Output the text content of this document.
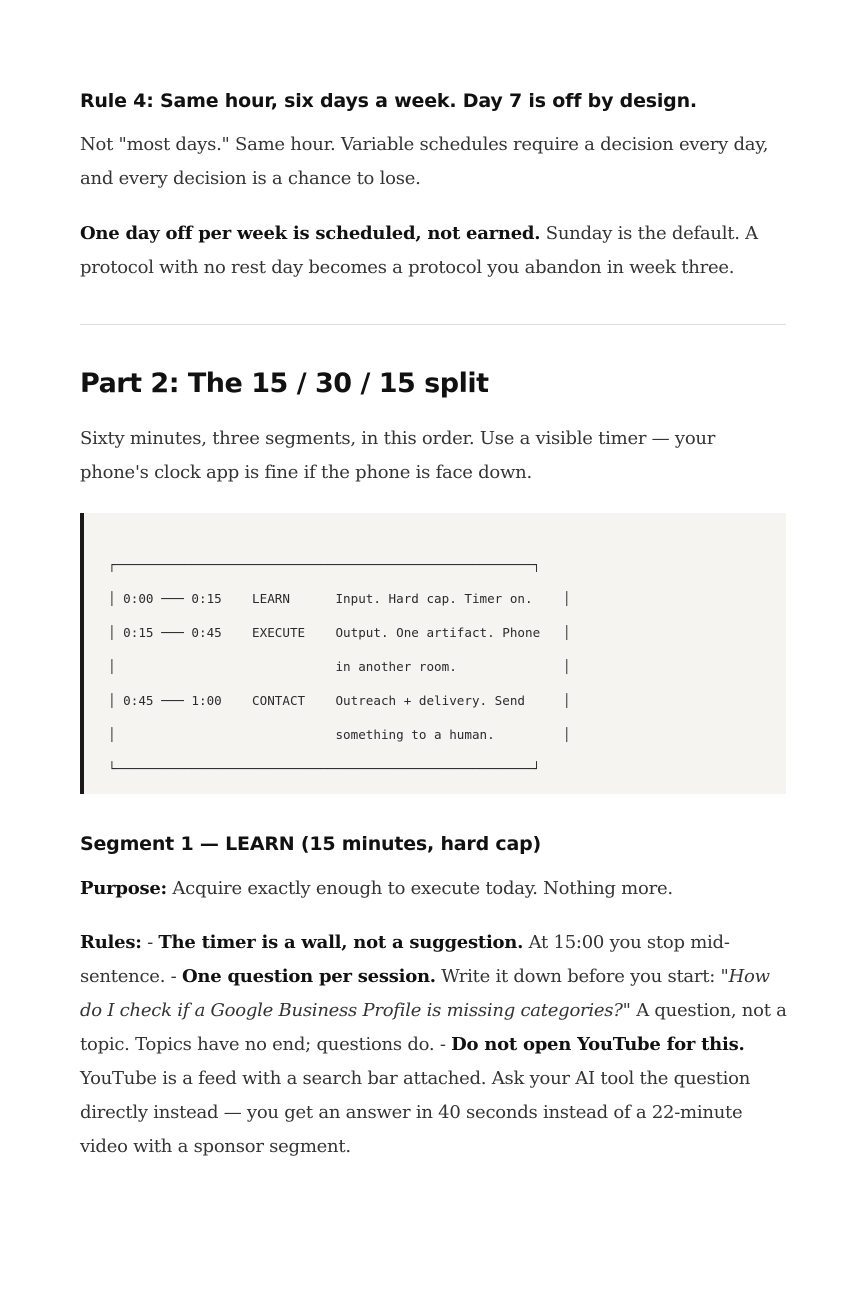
Rule 4: Same hour, six days a week. Day 7 is off by design.

Not "most days." Same hour. Variable schedules require a decision every day, and every decision is a chance to lose.

One day off per week is scheduled, not earned. Sunday is the default. A protocol with no rest day becomes a protocol you abandon in week three.

Part 2: The 15 / 30 / 15 split

Sixty minutes, three segments, in this order. Use a visible timer — your phone's clock app is fine if the phone is face down.

┌───────────────────────────────────────────────────────┐
│ 0:00 ─── 0:15    LEARN      Input. Hard cap. Timer on.    │
│ 0:15 ─── 0:45    EXECUTE    Output. One artifact. Phone   │
│                             in another room.              │
│ 0:45 ─── 1:00    CONTACT    Outreach + delivery. Send     │
│                             something to a human.         │
└───────────────────────────────────────────────────────┘
Segment 1 — LEARN (15 minutes, hard cap)

Purpose: Acquire exactly enough to execute today. Nothing more.

Rules: - The timer is a wall, not a suggestion. At 15:00 you stop mid-sentence. - One question per session. Write it down before you start: "How do I check if a Google Business Profile is missing categories?" A question, not a topic. Topics have no end; questions do. - Do not open YouTube for this. YouTube is a feed with a search bar attached. Ask your AI tool the question directly instead — you get an answer in 40 seconds instead of a 22-minute video with a sponsor segment.
